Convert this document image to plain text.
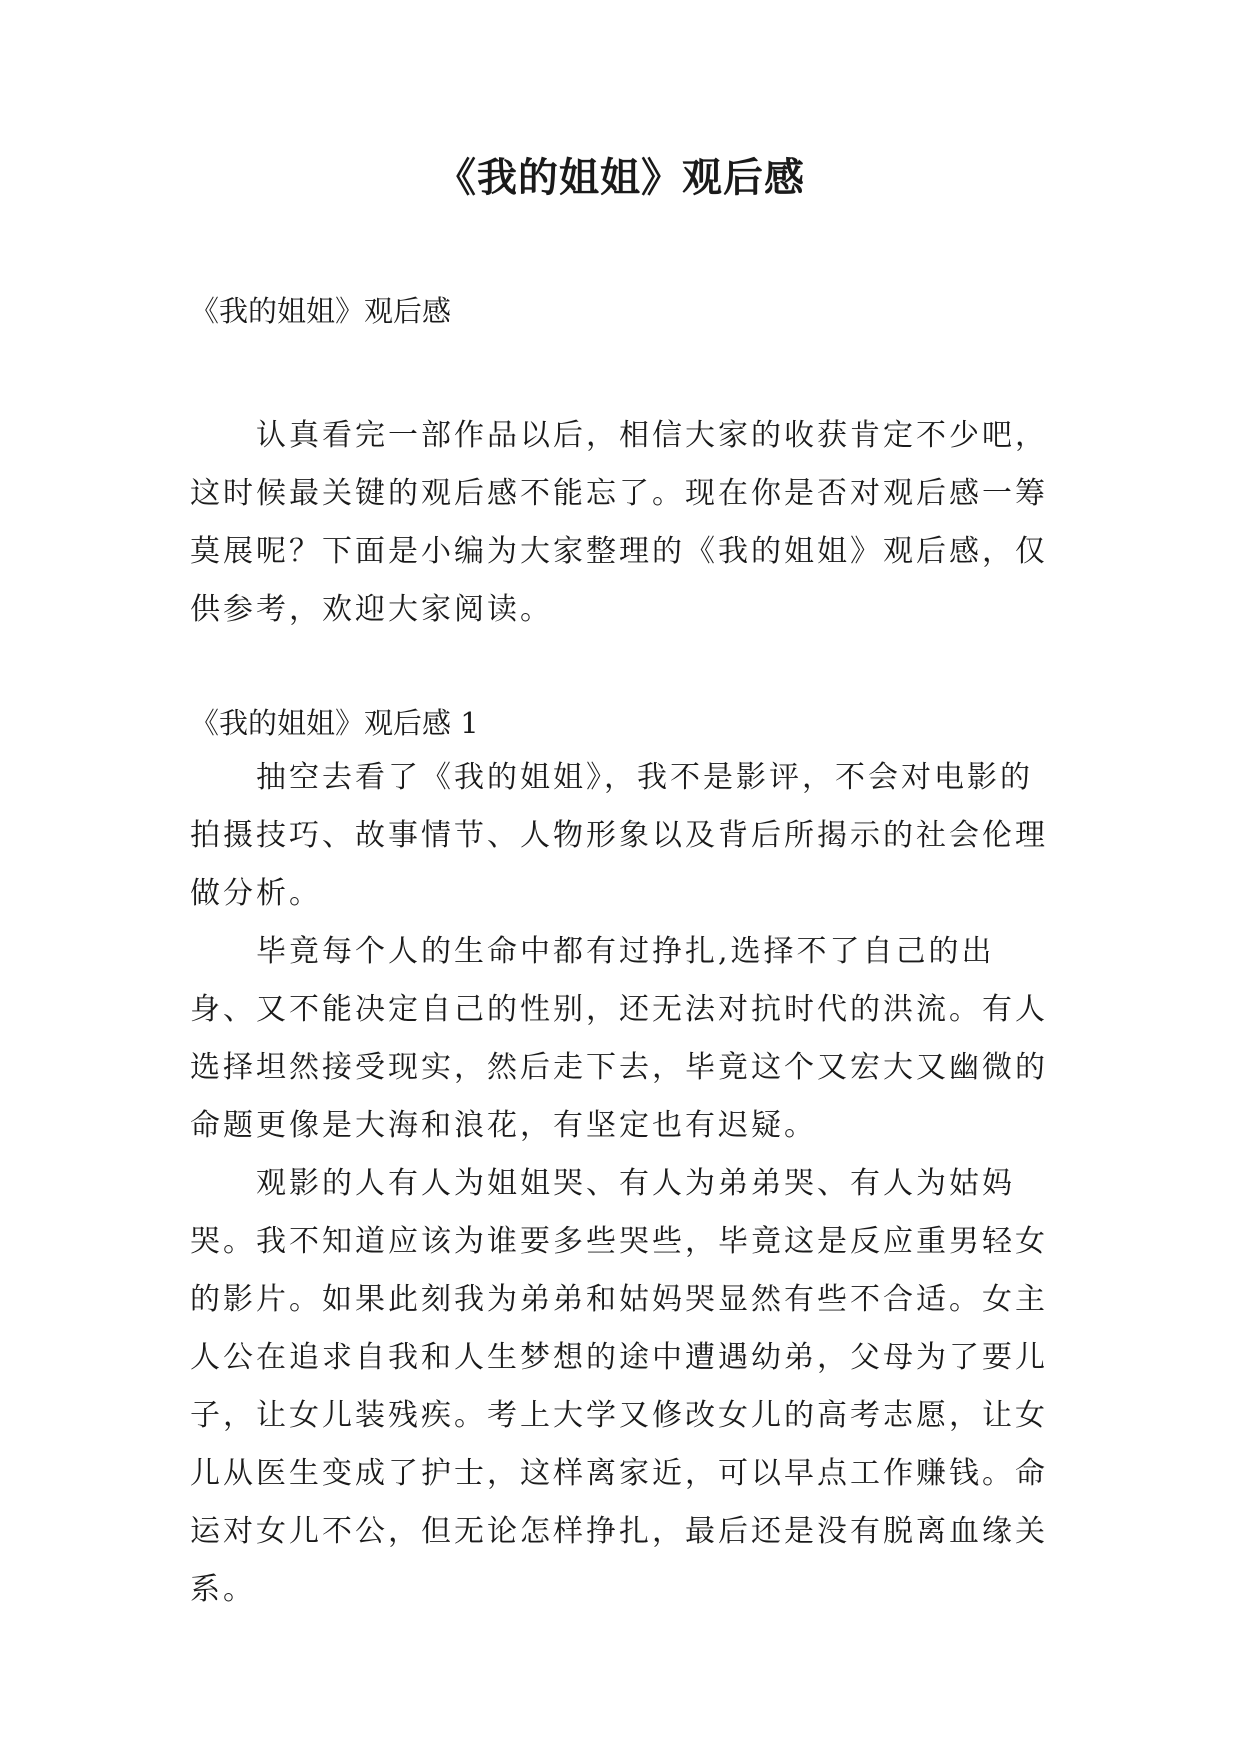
《我的姐姐》观后感
《我的姐姐》观后感

认真看完一部作品以后，相信大家的收获肯定不少吧，这时候最关键的观后感不能忘了。现在你是否对观后感一筹莫展呢？下面是小编为大家整理的《我的姐姐》观后感，仅供参考，欢迎大家阅读。

《我的姐姐》观后感 1

抽空去看了《我的姐姐》，我不是影评，不会对电影的拍摄技巧、故事情节、人物形象以及背后所揭示的社会伦理做分析。

毕竟每个人的生命中都有过挣扎,选择不了自己的出身、又不能决定自己的性别，还无法对抗时代的洪流。有人选择坦然接受现实，然后走下去，毕竟这个又宏大又幽微的命题更像是大海和浪花，有坚定也有迟疑。

观影的人有人为姐姐哭、有人为弟弟哭、有人为姑妈哭。我不知道应该为谁要多些哭些，毕竟这是反应重男轻女的影片。如果此刻我为弟弟和姑妈哭显然有些不合适。女主人公在追求自我和人生梦想的途中遭遇幼弟，父母为了要儿子，让女儿装残疾。考上大学又修改女儿的高考志愿，让女儿从医生变成了护士，这样离家近，可以早点工作赚钱。命运对女儿不公，但无论怎样挣扎，最后还是没有脱离血缘关系。
